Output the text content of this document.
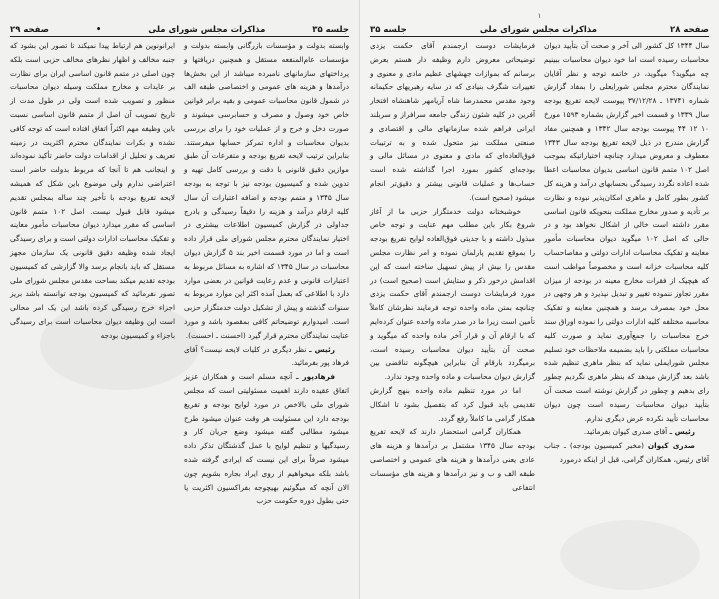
جلسه ۳۵
مذاکرات مجلس شورای ملی
•
صفحه ۲۹

وابسته بدولت و مؤسسات بازرگانی وابسته بدولت و مؤسسات عام‌المنفعه مستقل و همچنین دریافتها و پرداختهای سازمانهای نامبرده میباشد از این بخش‌ها درآمدها و هزینه های عمومی و اختصاصی طبقه الف در شمول قانون محاسبات عمومی و بقیه برابر قوانین خاص خود وصول و مصرف و حسابرسی میشوند و صورت دخل و خرج و از عملیات خود را برای بررسی بدیوان محاسبات و اداره تمرکز حسابها میفرستند. بنابراین ترتیب لایحه تفریغ بودجه و متفرعات آن طبق موازین دقیق قانونی با دقت و بررسی کامل تهیه و تدوین شده و کمیسیون بودجه نیز با توجه به بودجه سال ۱۳۴۵ و متمم بودجه و اضافه اعتبارات آن سال کلیه ارقام درآمد و هزینه را دقیقاً رسیدگی و بادرج جداولی در گزارش کمیسیون اطلاعات بیشتری در اختیار نمایندگان محترم مجلس شورای ملی قرار داده است و اما در مورد قسمت اخیر بند ۵ گزارش دیوان محاسبات در سال ۱۳۴۵ که اشاره به مسائل مربوط به اعتبارات قانونی و عدم رعایت قوانین در بعضی موارد دارد با اطلاعی که بعمل آمده اکثر این موارد مربوط به سنوات گذشته و پیش از تشکیل دولت خدمتگزار حزبی است. امیدوارم توضیحاتم کافی بمقصود باشد و مورد عنایت نمایندگان محترم قرار گیرد (احسنت ـ احسنت).

رئیس ـ نظر دیگری در کلیات لایحه نیست؟ آقای فرهاد پور بفرمائید.

فرهادپور ـ آنچه مسلم است و همکاران عزیز اتفاق عقیده دارند اهمیت مسئولیتی است که مجلس شورای ملی بالاخص در مورد لوایح بودجه و تفریغ بودجه دارد این مسئولیت هر وقت عنوان میشود طرح میشود مطالبی گفته میشود وضع جریان کار و رسیدگیها و تنظیم لوایح با عمل گذشتگان تذکر داده میشود صرفاً برای این نیست که ایرادی گرفته شده باشد بلکه میخواهیم از روی ایراد بجاره بشویم چون الان آنچه که میگوئیم بهیچوجه بفراکسیون اکثریت یا حتی بطول دوره حکومت حزب

ایرانونوین هم ارتباط پیدا نمیکند تا تصور این بشود که جنبه مخالف و اظهار نظرهای مخالف حزبی است بلکه چون اصلی در متمم قانون اساسی ایران برای نظارت بر عایدات و مخارج مملکت وسیله دیوان محاسبات منظور و تصویب شده است ولی در طول مدت از تاریخ تصویب آن اصل از متمم قانون اساسی نسبت باین وظیفه مهم اکثراً اتفاق افتاده است که توجه کافی نشده و بکرات نمایندگان محترم اکثریت در زمینه تعریف و تحلیل از اقدامات دولت حاضر تأکید نموده‌اند و اینجانب هم تا آنجا که مربوط بدولت حاضر است اعتراضی ندارم ولی موضوع باین شکل که همیشه لایحه تفریغ بودجه با تأخیر چند ساله بمجلس تقدیم میشود قابل قبول نیست. اصل ۱۰۲ متمم قانون اساسی که مقرر میدارد دیوان محاسبات مأمور معاینه و تفکیک محاسبات ادارات دولتی است و برای رسیدگی ایجاد شده وظیفه دقیق قانونی یک سازمان مجهز مستقل که باید بانجام برسد والا گزارشی که کمیسیون بودجه تقدیم میکند بساحت مقدس مجلس شورای ملی تصور نفرمائید که کمیسیون بودجه توانسته باشد بریز اجزاء خرج رسیدگی کرده باشد این یک امر محالی است این وظیفه دیوان محاسبات است برای رسیدگی باجزاء و کمیسیون بودجه

۱
صفحه ۲۸
مذاکرات مجلس شورای ملی
جلسه ۳۵

سال ۱۳۴۴ کل کشور الی آخر و صحت آن بتأیید دیوان محاسبات رسیده است اما خود دیوان محاسبات ببینیم چه میگوید؟ میگوید، در خاتمه توجه و نظر آقایان نمایندگان محترم مجلس شورایعلی را بمفاد گزارش شماره ۱۳۷۴۱ ـ ۳۷/۱۲/۲۸ پیوست لایحه تفریغ بودجه سال ۱۳۳۹ و قسمت اخیر گزارش بشماره ۱۵۹۳ مورخ ۱۰ ۱۲ ۴۴ پیوست بودجه سال ۱۳۴۲ و همچنین مفاد گزارش مندرج در ذیل لایحه تفریغ بودجه سال ۱۳۴۳ معطوف و معروض میدارد چنانچه اختیاراتیکه بموجب اصل ۱۰۲ متمم قانون اساسی بدیوان محاسبات اعطا شده اعاده نگردد رسیدگی بحسابهای درآمد و هزینه کل کشور بطور کامل و ماهری امکان‌پذیر نبوده و نظارت بر تأدیه و صدور مخارج مملکت بنحویکه قانون اساسی مقرر داشته است خالی از اشکال نخواهد بود و در حالی که اصل ۱۰۲ میگوید دیوان محاسبات مأمور معاینه و تفکیک محاسبات ادارات دولتی و مفاصاحساب کلیه محاسبات خزانه است و مخصوصاً مواظب است که هیچیک از فقرات مخارج معینه در بودجه از میزان مقرر تجاوز ننموده تغییر و تبدیل نپذیرد و هر وجهی در محل خود بمصرف برسد و همچنین معاینه و تفکیک محاسبه مختلفه کلیه ادارات دولتی را نموده اوراق سند خرج محاسبات را جمع‌آوری نماید و صورت کلیه محاسبات مملکتی را باید بضمیمه ملاحظات خود تسلیم مجلس شورایملی نماید که بنظر ماهری تنظیم شده باشد بعد گزارش میدهد که بنظر ماهری نگردیم چطور رای بدهیم و چطور در گزارش نوشته است صحت آن بتأیید دیوان محاسبات رسیده است چون دیوان محاسبات تأیید نکرده عرض دیگری ندارم.

رئیس ـ آقای صدری کیوان بفرمائید.

صدری کیوان (مخبر کمیسیون بودجه) ـ جناب آقای رئیس، همکاران گرامی، قبل از اینکه درمورد

فرمایشات دوست ارجمندم آقای حکمت یزدی توضیحاتی معروض دارم وظیفه دار هستم بعرض برسانم که بموازات جهشهای عظیم مادی و معنوی و تغییرات شگرف بنیادی که در سایه رهبریهای حکیمانه وجود مقدس محمدرضا شاه آریامهر شاهنشاه افتخار آفرین در کلیه شئون زندگی جامعه سرافراز و سربلند ایرانی فراهم شده سازمانهای مالی و اقتصادی و صنعتی مملکت نیز متحول شده و به ترتیبات فوق‌العاده‌ای که مادی و معنوی در مسائل مالی و بودجه‌ای کشور بمورد اجرا گذاشته شده است حساب‌ها و عملیات قانونی بیشتر و دقیق‌تر انجام میشود (صحیح است).

خوشبختانه دولت خدمتگزار حزبی ما از آغاز شروع بکار باین مطلب مهم عنایت و توجه خاص مبذول داشته و با جدیتی فوق‌العاده لوایح تفریغ بودجه را بموقع تقدیم پارلمان نموده و امر نظارت مجلس مقدس را بیش از پیش تسهیل ساخته است که این اقدامش درخور ذکر و ستایش است (صحیح است) در مورد فرمایشات دوست ارجمندم آقای حکمت یزدی چنانچه بمتن ماده واحده توجه فرمایند نظرشان کاملاً تأمین است زیرا ما در صدر ماده واحده عنوان کرده‌ایم که با ارقام آن و قرار آخر ماده واحده که میگوید و صحت آن بتأیید دیوان محاسبات رسیده است، برمیگردد بارقام آن بنابراین هیچگونه تناقضی بین گزارش دیوان محاسبات و ماده واحده وجود ندارد.

اما در مورد تنظیم ماده واحده بنهج گزارش تقدیمی باید قبول کرد که بتفصیل بشود تا اشکال همکار گرامی ما کاملاً رفع گردد.

همکاران گرامی استحضار دارند که لایحه تفریغ بودجه سال ۱۳۴۵ مشتمل بر درآمدها و هزینه های عادی یعنی درآمدها و هزینه های عمومی و اختصاصی طبقه الف و ب و نیز درآمدها و هزینه های مؤسسات انتفاعی
